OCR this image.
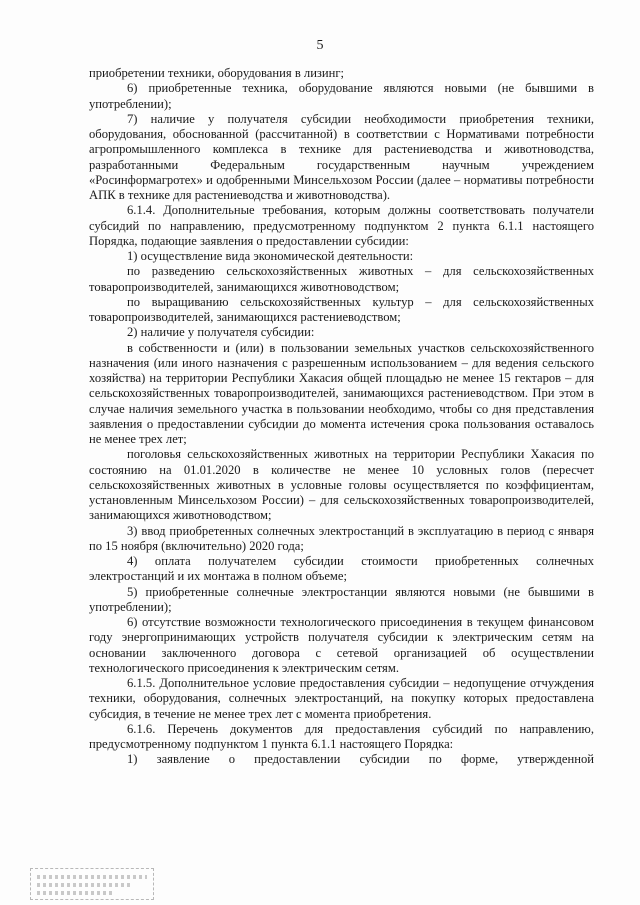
5

приобретении техники, оборудования в лизинг;

6) приобретенные техника, оборудование являются новыми (не бывшими в употреблении);

7) наличие у получателя субсидии необходимости приобретения техники, оборудования, обоснованной (рассчитанной) в соответствии с Нормативами потребности агропромышленного комплекса в технике для растениеводства и животноводства, разработанными Федеральным государственным научным учреждением «Росинформагротех» и одобренными Минсельхозом России (далее – нормативы потребности АПК в технике для растениеводства и животноводства).

6.1.4. Дополнительные требования, которым должны соответствовать получатели субсидий по направлению, предусмотренному подпунктом 2 пункта 6.1.1 настоящего Порядка, подающие заявления о предоставлении субсидии:

1) осуществление вида экономической деятельности:

по разведению сельскохозяйственных животных – для сельскохозяйственных товаропроизводителей, занимающихся животноводством;

по выращиванию сельскохозяйственных культур – для сельскохозяйственных товаропроизводителей, занимающихся растениеводством;

2) наличие у получателя субсидии:

в собственности и (или) в пользовании земельных участков сельскохозяйственного назначения (или иного назначения с разрешенным использованием – для ведения сельского хозяйства) на территории Республики Хакасия общей площадью не менее 15 гектаров – для сельскохозяйственных товаропроизводителей, занимающихся растениеводством. При этом в случае наличия земельного участка в пользовании необходимо, чтобы со дня представления заявления о предоставлении субсидии до момента истечения срока пользования оставалось не менее трех лет;

поголовья сельскохозяйственных животных на территории Республики Хакасия по состоянию на 01.01.2020 в количестве не менее 10 условных голов (пересчет сельскохозяйственных животных в условные головы осуществляется по коэффициентам, установленным Минсельхозом России) – для сельскохозяйственных товаропроизводителей, занимающихся животноводством;

3) ввод приобретенных солнечных электростанций в эксплуатацию в период с января по 15 ноября (включительно) 2020 года;

4) оплата получателем субсидии стоимости приобретенных солнечных электростанций и их монтажа в полном объеме;

5) приобретенные солнечные электростанции являются новыми (не бывшими в употреблении);

6) отсутствие возможности технологического присоединения в текущем финансовом году энергопринимающих устройств получателя субсидии к электрическим сетям на основании заключенного договора с сетевой организацией об осуществлении технологического присоединения к электрическим сетям.

6.1.5. Дополнительное условие предоставления субсидии – недопущение отчуждения техники, оборудования, солнечных электростанций, на покупку которых предоставлена субсидия, в течение не менее трех лет с момента приобретения.

6.1.6. Перечень документов для предоставления субсидий по направлению, предусмотренному подпунктом 1 пункта 6.1.1 настоящего Порядка:

1) заявление о предоставлении субсидии по форме, утвержденной
